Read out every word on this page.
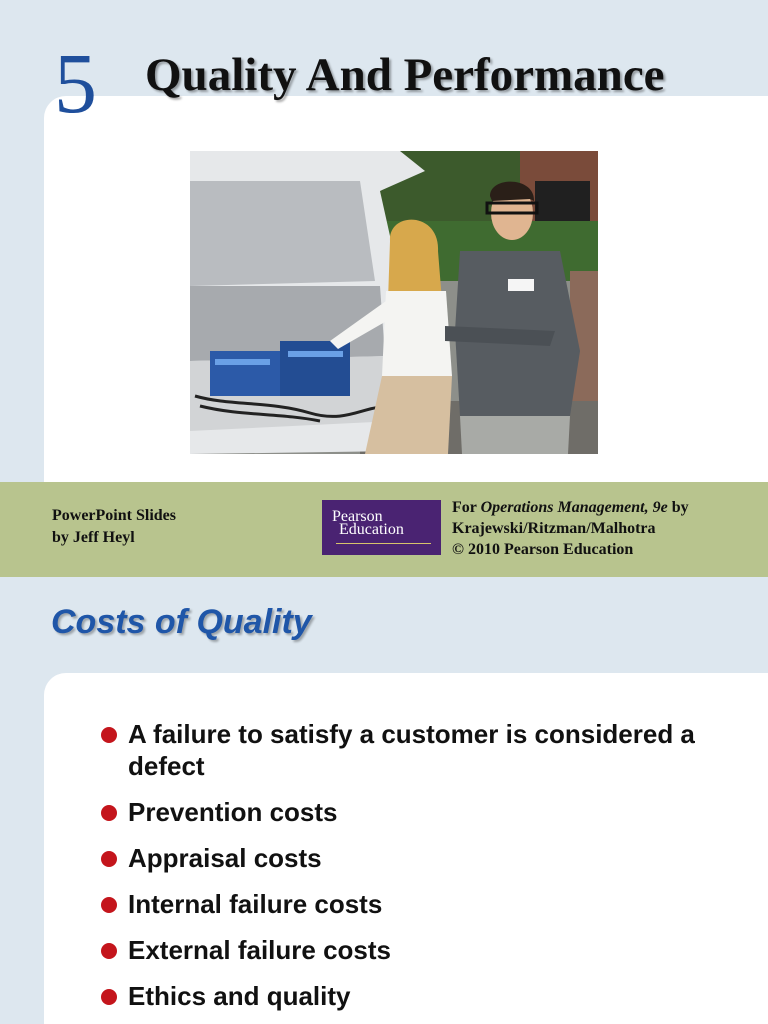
5 Quality And Performance
PowerPoint Slides
by Jeff Heyl
Pearson
Education
For Operations Management, 9e by
Krajewski/Ritzman/Malhotra
© 2010 Pearson Education
Costs of Quality
A failure to satisfy a customer is considered a defect
Prevention costs
Appraisal costs
Internal failure costs
External failure costs
Ethics and quality
